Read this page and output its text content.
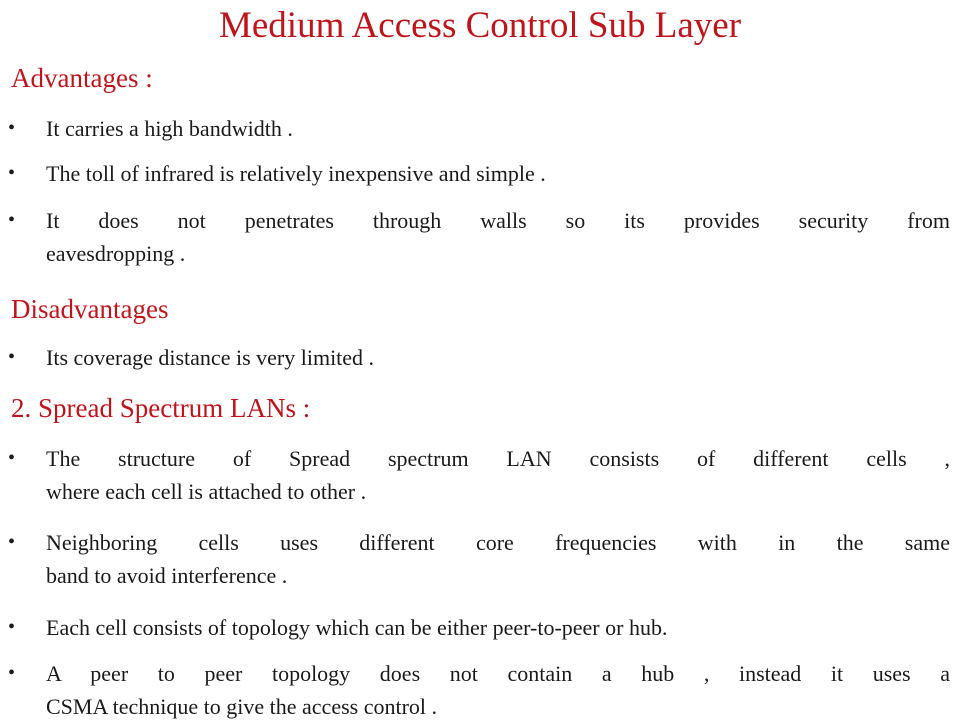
Medium Access Control Sub Layer
Advantages :

• It carries a high bandwidth .

• The toll of infrared is relatively inexpensive and simple .

• It does not penetrates through walls so its provides security from
eavesdropping .

Disadvantages

• Its coverage distance is very limited .

2. Spread Spectrum LANs :

• The structure of Spread spectrum LAN consists of different cells ,
where each cell is attached to other .

• Neighboring cells uses different core frequencies with in the same
band to avoid interference .

• Each cell consists of topology which can be either peer-to-peer or hub.

• A peer to peer topology does not contain a hub , instead it uses a
CSMA technique to give the access control .
